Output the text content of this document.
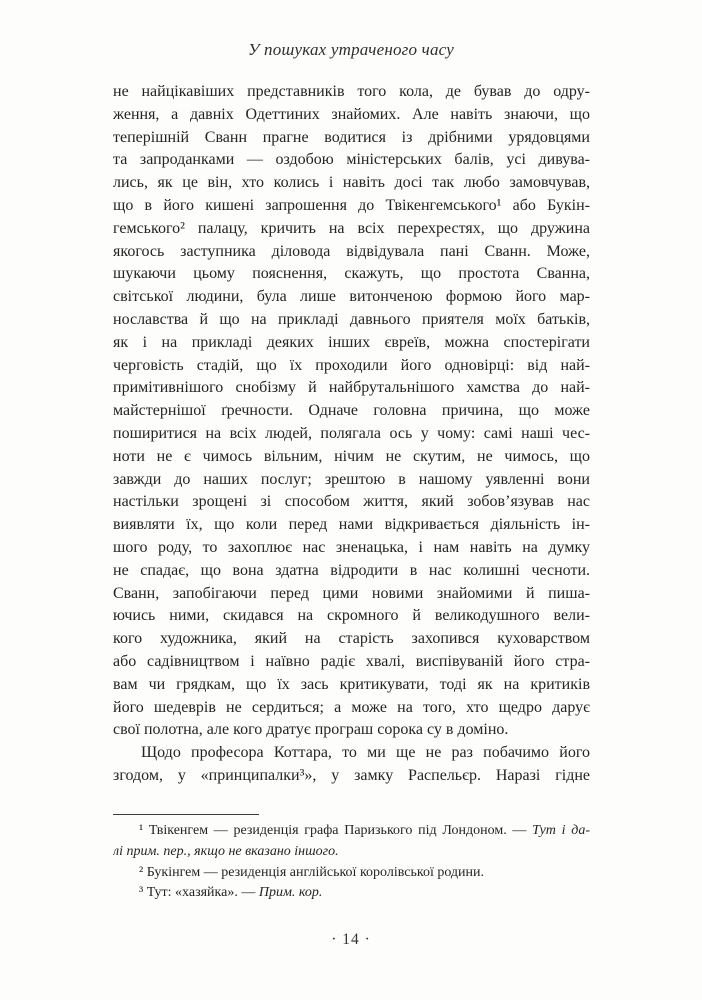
У пошуках утраченого часу
не найцікавіших представників того кола, де бував до одру-
ження, а давніх Одеттиних знайомих. Але навіть знаючи, що
теперішній Сванн прагне водитися із дрібними урядовцями
та запроданками — оздобою міністерських балів, усі дивува-
лись, як це він, хто колись і навіть досі так любо замовчував,
що в його кишені запрошення до Твікенгемського¹ або Букін-
гемського² палацу, кричить на всіх перехрестях, що дружина
якогось заступника діловода відвідувала пані Сванн. Може,
шукаючи цьому пояснення, скажуть, що простота Сванна,
світської людини, була лише витонченою формою його мар-
нославства й що на прикладі давнього приятеля моїх батьків,
як і на прикладі деяких інших євреїв, можна спостерігати
черговість стадій, що їх проходили його одновірці: від най-
примітивнішого снобізму й найбрутальнішого хамства до най-
майстернішої ґречности. Одначе головна причина, що може
поширитися на всіх людей, полягала ось у чому: самі наші чес-
ноти не є чимось вільним, нічим не скутим, не чимось, що
завжди до наших послуг; зрештою в нашому уявленні вони
настільки зрощені зі способом життя, який зобов’язував нас
виявляти їх, що коли перед нами відкривається діяльність ін-
шого роду, то захоплює нас зненацька, і нам навіть на думку
не спадає, що вона здатна відродити в нас колишні чесноти.
Сванн, запобігаючи перед цими новими знайомими й пиша-
ючись ними, скидався на скромного й великодушного вели-
кого художника, який на старість захопився куховарством
або садівництвом і наївно радіє хвалі, виспівуваній його стра-
вам чи грядкам, що їх зась критикувати, тоді як на критиків
його шедеврів не сердиться; а може на того, хто щедро дарує
свої полотна, але кого дратує програш сорока су в доміно.
Щодо професора Коттара, то ми ще не раз побачимо його
згодом, у «принципалки³», у замку Распельєр. Наразі гідне
¹ Твікенгем — резиденція графа Паризького під Лондоном. — Тут і да-
лі прим. пер., якщо не вказано іншого.
² Букінгем — резиденція англійської королівської родини.
³ Тут: «хазяйка». — Прим. кор.
· 14 ·
